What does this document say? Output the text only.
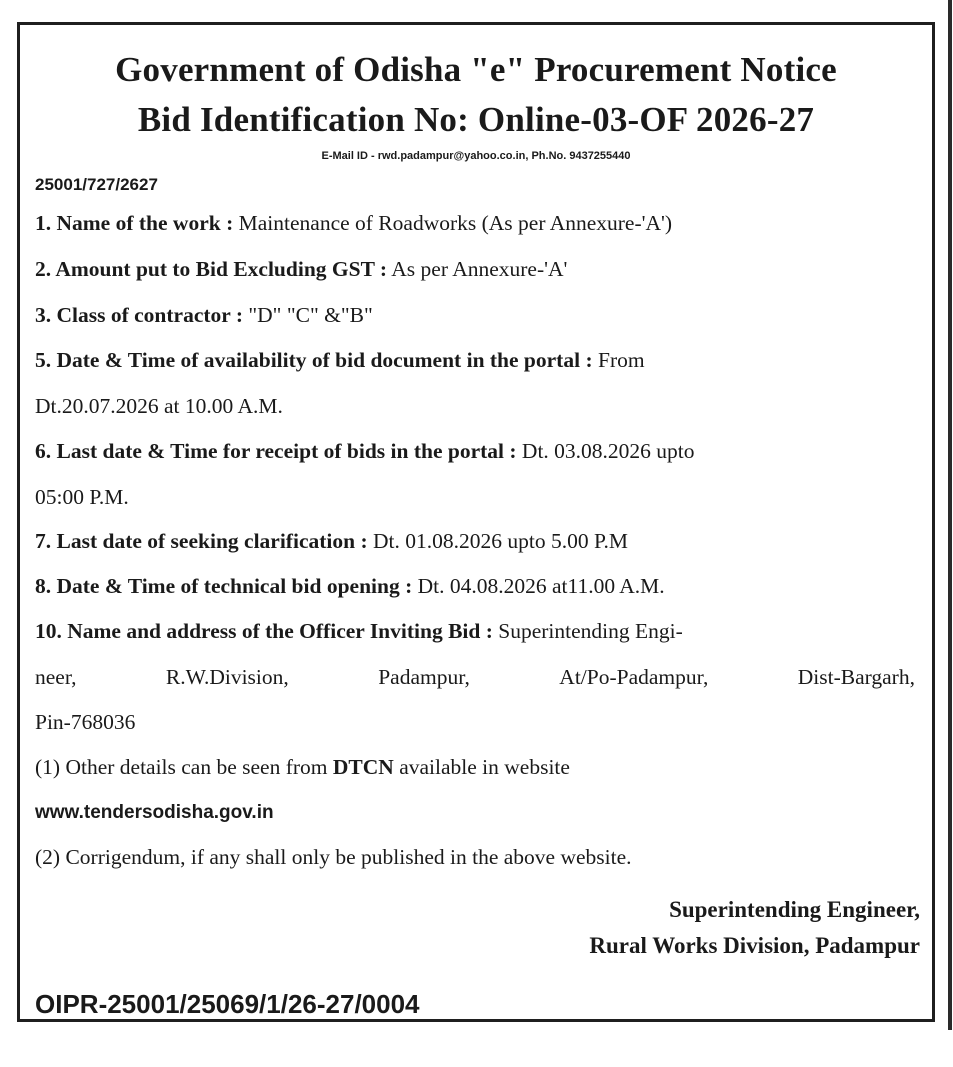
Government of Odisha "e" Procurement Notice
Bid Identification No: Online-03-OF 2026-27
E-Mail ID - rwd.padampur@yahoo.co.in, Ph.No. 9437255440
25001/727/2627
1. Name of the work : Maintenance of Roadworks (As per Annexure-'A')
2. Amount put to Bid Excluding GST : As per Annexure-'A'
3. Class of contractor : "D" "C" &"B"
5. Date & Time of availability of bid document in the portal : From
Dt.20.07.2026 at 10.00 A.M.
6. Last date & Time for receipt of bids in the portal : Dt. 03.08.2026 upto
05:00 P.M.
7. Last date of seeking clarification : Dt. 01.08.2026 upto 5.00 P.M
8. Date & Time of technical bid opening : Dt. 04.08.2026 at11.00 A.M.
10. Name and address of the Officer Inviting Bid : Superintending Engi-
neer,	R.W.Division,	Padampur,	At/Po-Padampur,	Dist-Bargarh,
Pin-768036
(1) Other details can be seen from DTCN available in website
www.tendersodisha.gov.in
(2) Corrigendum, if any shall only be published in the above website.
Superintending Engineer,
Rural Works Division, Padampur
OIPR-25001/25069/1/26-27/0004
